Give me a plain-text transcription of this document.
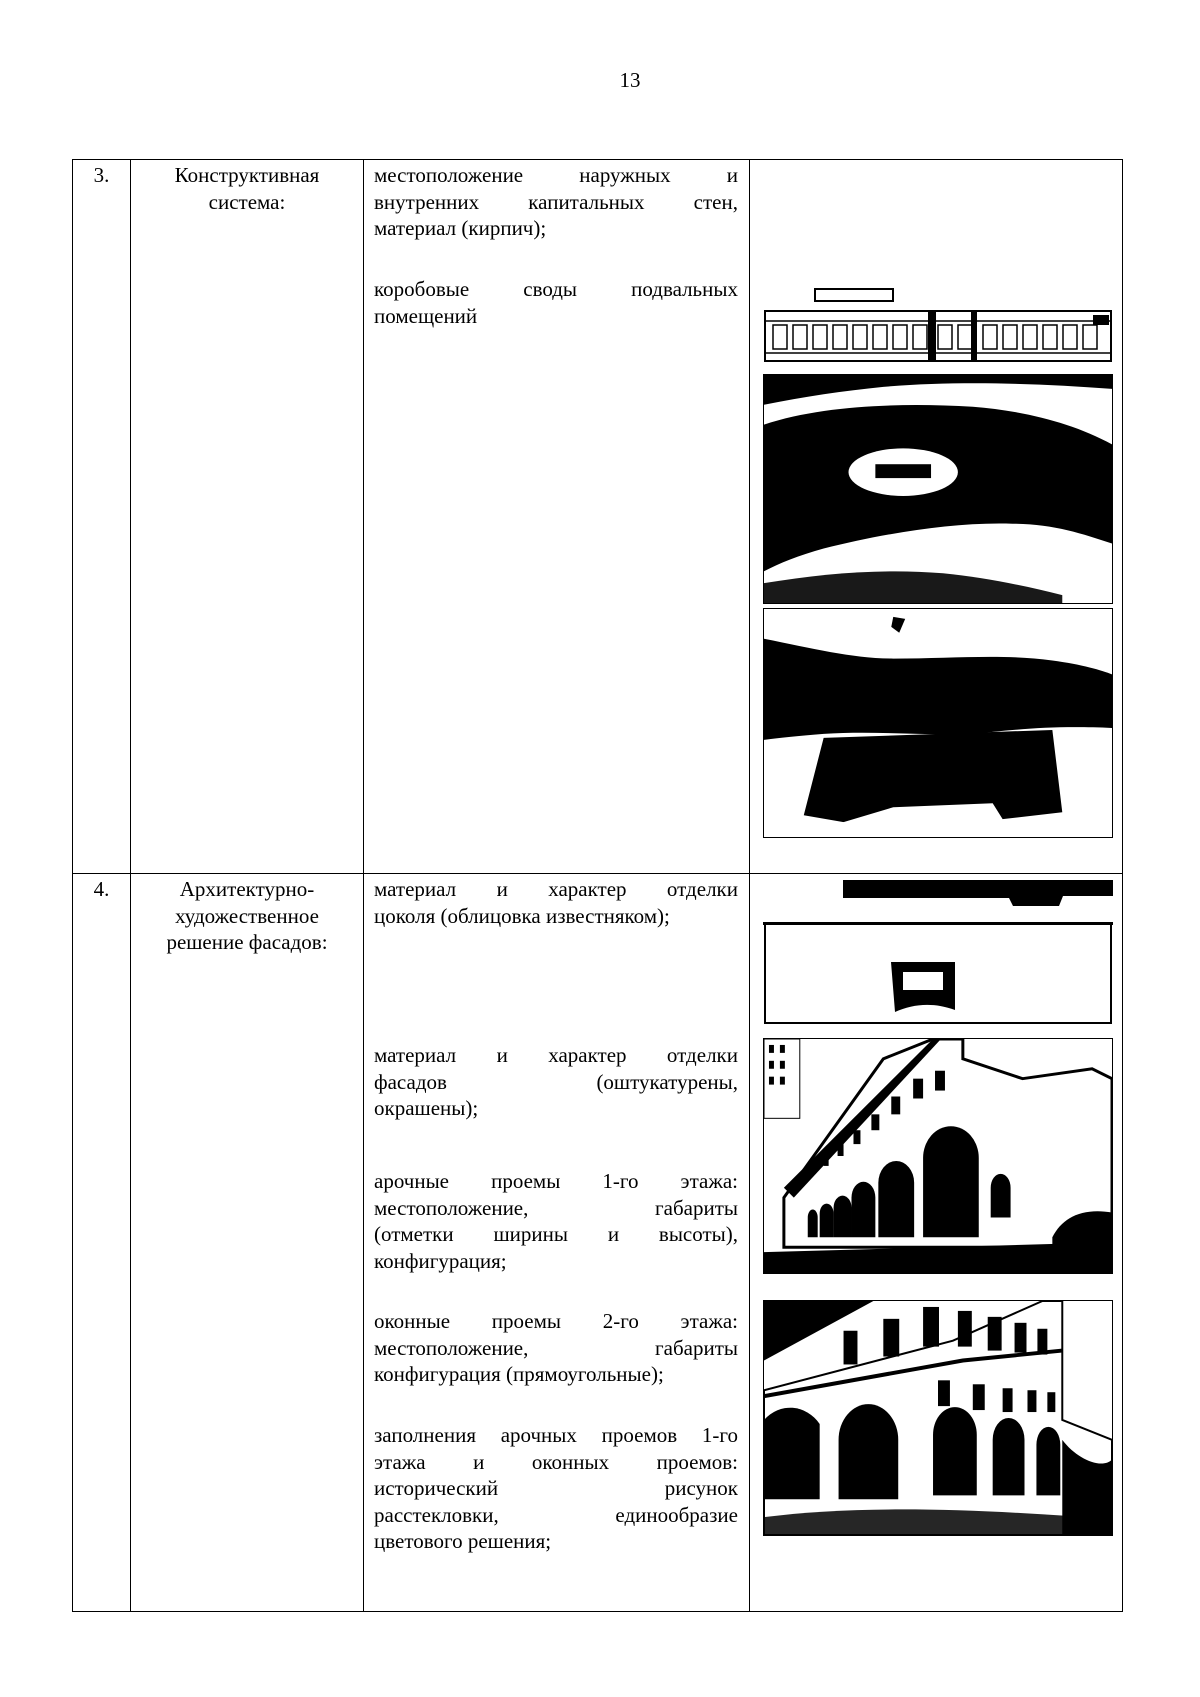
13
3.	Конструктивная
система:
местоположение наружных и
внутренних капитальных стен,
материал (кирпич);
коробовые своды подвальных
помещений
4.	Архитектурно-
художественное
решение фасадов:
материал и характер отделки
цоколя (облицовка известняком);
материал и характер отделки
фасадов (оштукатурены,
окрашены);
арочные проемы 1-го этажа:
местоположение, габариты
(отметки ширины и высоты),
конфигурация;
оконные проемы 2-го этажа:
местоположение, габариты
конфигурация (прямоугольные);
заполнения арочных проемов 1-го
этажа и оконных проемов:
исторический рисунок
расстекловки, единообразие
цветового решения;
